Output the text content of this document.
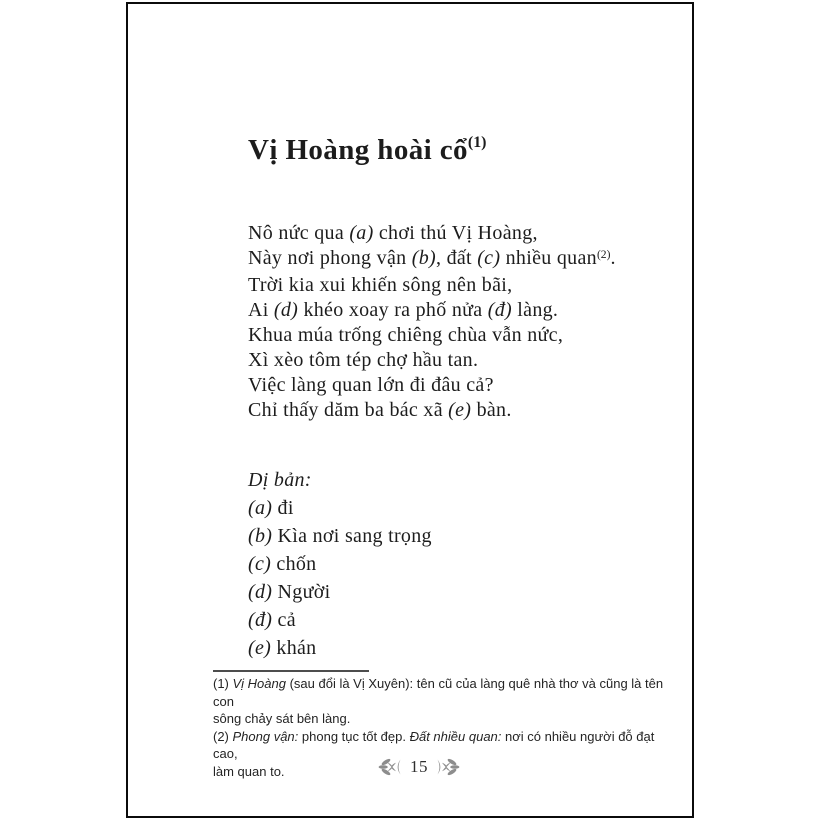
Vị Hoàng hoài cổ$^{(1)}$
Nô nức qua (a) chơi thú Vị Hoàng,
Này nơi phong vận (b), đất (c) nhiều quan$^{(2)}$.
Trời kia xui khiến sông nên bãi,
Ai (d) khéo xoay ra phố nửa (đ) làng.
Khua múa trống chiêng chùa vẫn nức,
Xì xèo tôm tép chợ hầu tan.
Việc làng quan lớn đi đâu cả?
Chỉ thấy dăm ba bác xã (e) bàn.
Dị bản:
(a) đi
(b) Kìa nơi sang trọng
(c) chốn
(d) Người
(đ) cả
(e) khán
(1) Vị Hoàng (sau đổi là Vị Xuyên): tên cũ của làng quê nhà thơ và cũng là tên con
sông chảy sát bên làng.
(2) Phong vận: phong tục tốt đẹp. Đất nhiều quan: nơi có nhiều người đỗ đạt cao,
làm quan to.	15
